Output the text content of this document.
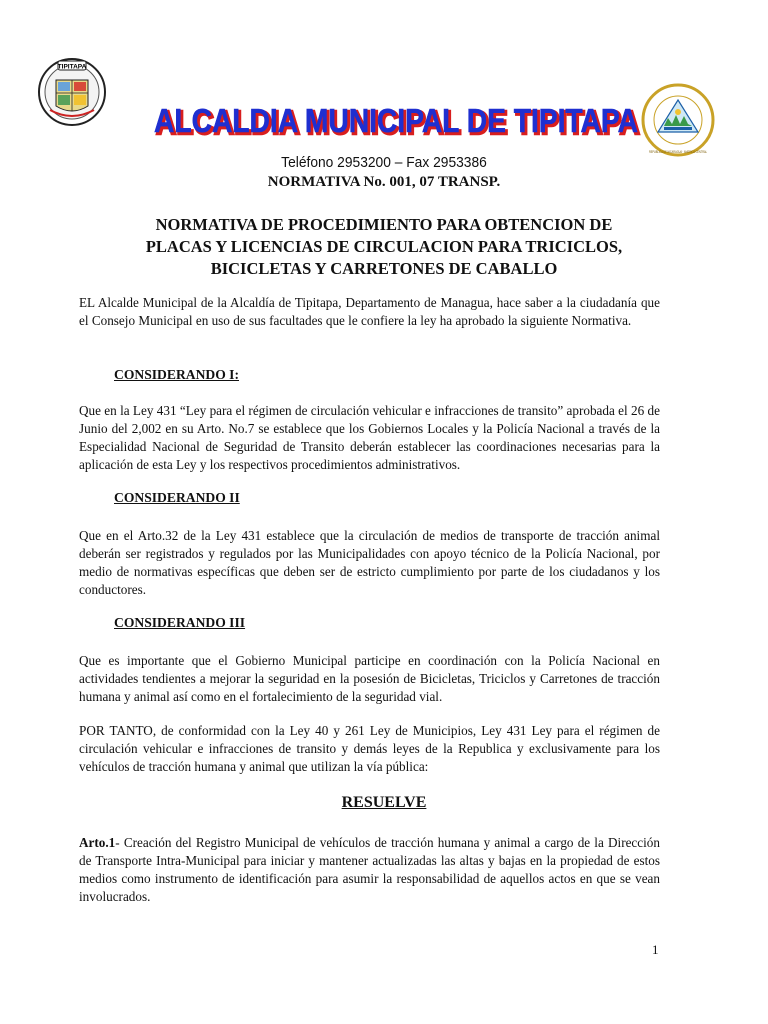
TIPITAPA
ALCALDIA MUNICIPAL DE TIPITAPA
ALCALDIA MUNICIPAL DE TIPITAPA
REPUBLICA DE NICARAGUA · AMERICA CENTRAL
Teléfono 2953200 – Fax 2953386
NORMATIVA No. 001, 07 TRANSP.
NORMATIVA DE PROCEDIMIENTO PARA OBTENCION DE
PLACAS Y LICENCIAS DE CIRCULACION PARA TRICICLOS,
BICICLETAS Y CARRETONES DE CABALLO
EL Alcalde Municipal de la Alcaldía de Tipitapa, Departamento de Managua, hace saber a la ciudadanía que el Consejo Municipal en uso de sus facultades que le confiere la ley ha aprobado la siguiente Normativa.
CONSIDERANDO I:
Que en la Ley 431 “Ley para el régimen de circulación vehicular e infracciones de transito” aprobada el 26 de Junio del 2,002 en su Arto. No.7 se establece que los Gobiernos Locales y la Policía Nacional a través de la Especialidad Nacional de Seguridad de Transito deberán establecer las coordinaciones necesarias para la aplicación de esta Ley y los respectivos procedimientos administrativos.
CONSIDERANDO II
Que en el Arto.32 de la Ley 431 establece que la circulación de medios de transporte de tracción animal deberán ser registrados y regulados por las Municipalidades con apoyo técnico de la Policía Nacional, por medio de normativas específicas que deben ser de estricto cumplimiento por parte de los ciudadanos y los conductores.
CONSIDERANDO III
Que es importante que el Gobierno Municipal participe en coordinación con la Policía Nacional en actividades tendientes a mejorar la seguridad en la posesión de Bicicletas, Triciclos y Carretones de tracción humana y animal así como en el fortalecimiento de la seguridad vial.
POR TANTO, de conformidad con la Ley 40 y 261 Ley de Municipios, Ley 431 Ley para el régimen de circulación vehicular e infracciones de transito y demás leyes de la Republica y exclusivamente para los vehículos de tracción humana y animal que utilizan la vía pública:
RESUELVE
Arto.1- Creación del Registro Municipal de vehículos de tracción humana y animal a cargo de la Dirección de Transporte Intra-Municipal para iniciar y mantener actualizadas las altas y bajas en la propiedad de estos medios como instrumento de identificación para asumir la responsabilidad de aquellos actos en que se vean involucrados.
1
